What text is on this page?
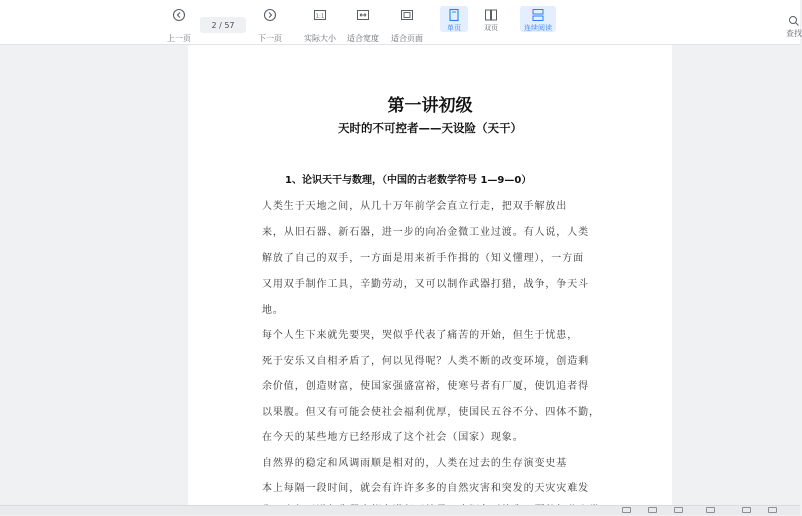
上一页
2 / 57
下一页
1:1
实际大小 适合宽度 适合页面
单页	双页	连续阅读
查找
第一讲初级
天时的不可控者——天设险（天干）
1、论识天干与数理，（中国的古老数学符号 1—9—0）
人类生于天地之间，从几十万年前学会直立行走，把双手解放出
来，从旧石器、新石器，进一步的向冶金微工业过渡。有人说，人类
解放了自己的双手，一方面是用来祈手作揖的（知义懂理），一方面
又用双手制作工具，辛勤劳动，又可以制作武器打猎，战争，争天斗
地。
每个人生下来就先要哭，哭似乎代表了痛苦的开始，但生于忧患，
死于安乐又自相矛盾了，何以见得呢？人类不断的改变环境，创造剩
余价值，创造财富，使国家强盛富裕，使寒号者有厂厦，使饥追者得
以果腹。但又有可能会使社会福利优厚，使国民五谷不分、四体不勤，
在今天的某些地方已经形成了这个社会（国家）现象。
自然界的稳定和风调雨顺是相对的，人类在过去的生存演变史基
本上每隔一段时间，就会有许许多多的自然灾害和突发的天灾灾难发
